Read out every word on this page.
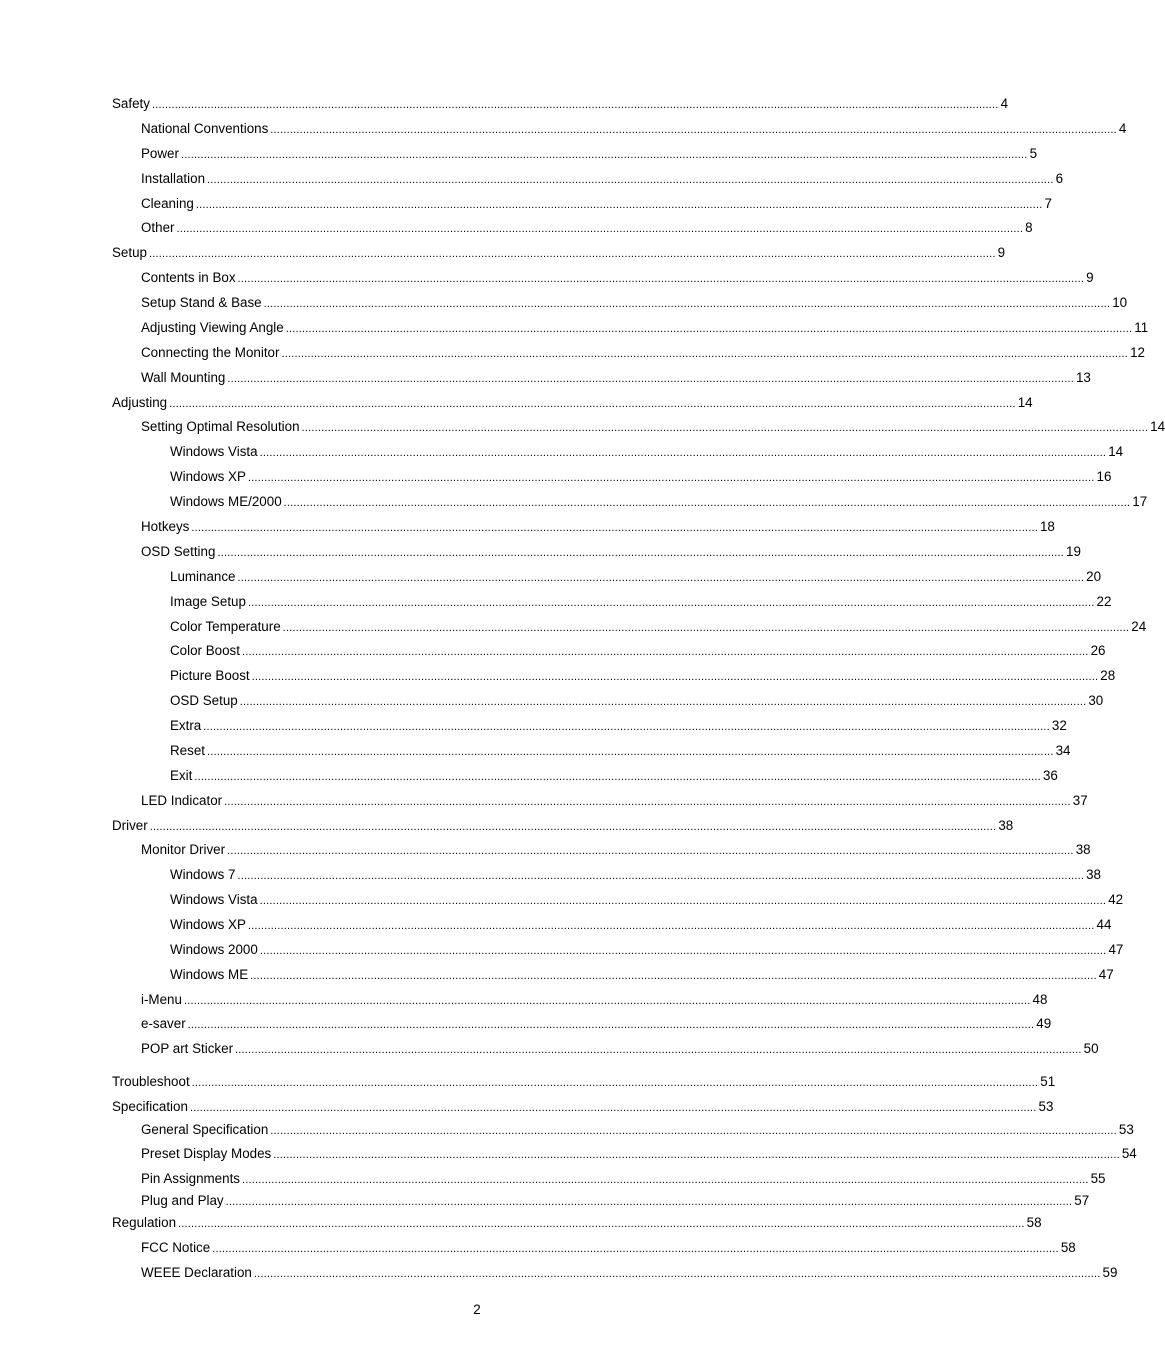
Safety .................................................................................................................................................................................................................................................................... 4
National Conventions .................................................................................................................................................................................................................................................................... 4
Power .................................................................................................................................................................................................................................................................... 5
Installation .................................................................................................................................................................................................................................................................... 6
Cleaning .................................................................................................................................................................................................................................................................... 7
Other .................................................................................................................................................................................................................................................................... 8
Setup .................................................................................................................................................................................................................................................................... 9
Contents in Box .................................................................................................................................................................................................................................................................... 9
Setup Stand & Base .................................................................................................................................................................................................................................................................... 10
Adjusting Viewing Angle .................................................................................................................................................................................................................................................................... 11
Connecting the Monitor .................................................................................................................................................................................................................................................................... 12
Wall Mounting .................................................................................................................................................................................................................................................................... 13
Adjusting .................................................................................................................................................................................................................................................................... 14
Setting Optimal Resolution .................................................................................................................................................................................................................................................................... 14
Windows Vista .................................................................................................................................................................................................................................................................... 14
Windows XP .................................................................................................................................................................................................................................................................... 16
Windows ME/2000 .................................................................................................................................................................................................................................................................... 17
Hotkeys .................................................................................................................................................................................................................................................................... 18
OSD Setting .................................................................................................................................................................................................................................................................... 19
Luminance .................................................................................................................................................................................................................................................................... 20
Image Setup .................................................................................................................................................................................................................................................................... 22
Color Temperature .................................................................................................................................................................................................................................................................... 24
Color Boost .................................................................................................................................................................................................................................................................... 26
Picture Boost .................................................................................................................................................................................................................................................................... 28
OSD Setup .................................................................................................................................................................................................................................................................... 30
Extra .................................................................................................................................................................................................................................................................... 32
Reset .................................................................................................................................................................................................................................................................... 34
Exit .................................................................................................................................................................................................................................................................... 36
LED Indicator .................................................................................................................................................................................................................................................................... 37
Driver .................................................................................................................................................................................................................................................................... 38
Monitor Driver .................................................................................................................................................................................................................................................................... 38
Windows 7 .................................................................................................................................................................................................................................................................... 38
Windows Vista .................................................................................................................................................................................................................................................................... 42
Windows XP .................................................................................................................................................................................................................................................................... 44
Windows 2000 .................................................................................................................................................................................................................................................................... 47
Windows ME .................................................................................................................................................................................................................................................................... 47
i-Menu .................................................................................................................................................................................................................................................................... 48
e-saver .................................................................................................................................................................................................................................................................... 49
POP art Sticker .................................................................................................................................................................................................................................................................... 50
Troubleshoot .................................................................................................................................................................................................................................................................... 51
Specification .................................................................................................................................................................................................................................................................... 53
General Specification .................................................................................................................................................................................................................................................................... 53
Preset Display Modes .................................................................................................................................................................................................................................................................... 54
Pin Assignments .................................................................................................................................................................................................................................................................... 55
Plug and Play .................................................................................................................................................................................................................................................................... 57
Regulation .................................................................................................................................................................................................................................................................... 58
FCC Notice .................................................................................................................................................................................................................................................................... 58
WEEE Declaration .................................................................................................................................................................................................................................................................... 59
2
